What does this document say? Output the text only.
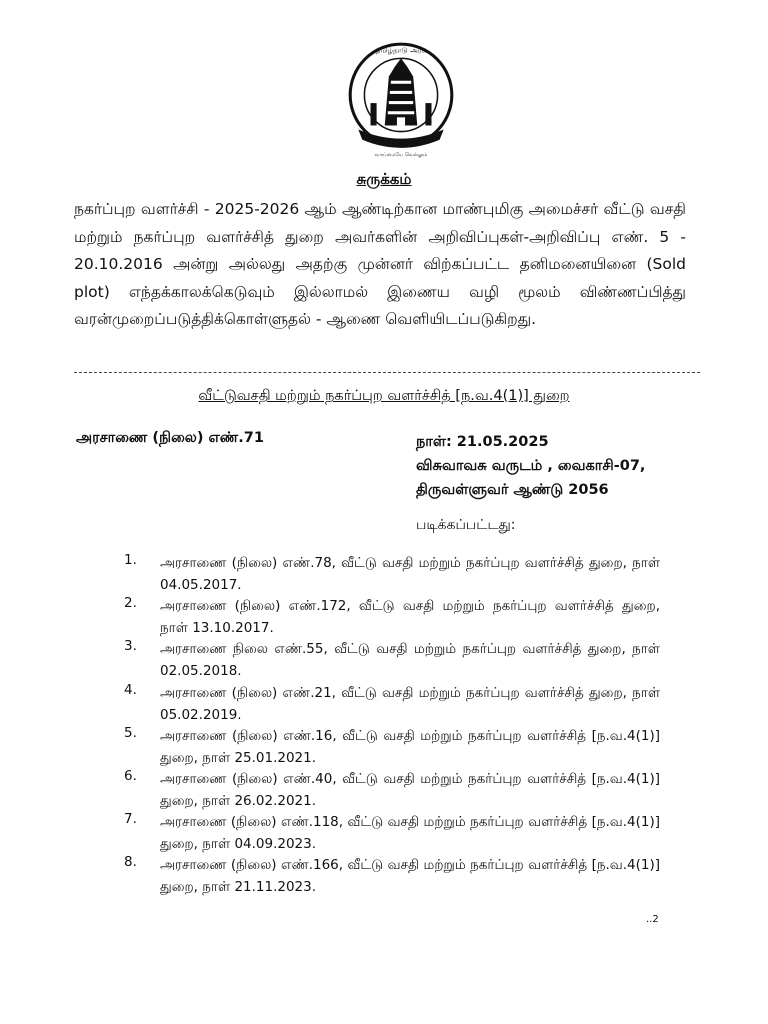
தமிழ்நாடு அரசு
வாய்மையே வெல்லும்
சுருக்கம்
நகர்ப்புற வளர்ச்சி - 2025-2026 ஆம் ஆண்டிற்கான மாண்புமிகு அமைச்சர் வீட்டு வசதி மற்றும் நகர்ப்புற வளர்ச்சித் துறை அவர்களின் அறிவிப்புகள்-அறிவிப்பு எண். 5 - 20.10.2016 அன்று அல்லது அதற்கு முன்னர் விற்கப்பட்ட தனிமனையினை (Sold plot) எந்தக்காலக்கெடுவும் இல்லாமல் இணைய வழி மூலம் விண்ணப்பித்து வரன்முறைப்படுத்திக்கொள்ளுதல் - ஆணை வெளியிடப்படுகிறது.
வீட்டுவசதி மற்றும் நகர்ப்புற வளர்ச்சித் [ந.வ.4(1)] துறை
அரசாணை (நிலை) எண்.71	நாள்: 21.05.2025
விசுவாவசு வருடம் , வைகாசி-07,
திருவள்ளுவர் ஆண்டு 2056
படிக்கப்பட்டது:
1.	அரசாணை (நிலை) எண்.78, வீட்டு வசதி மற்றும் நகர்ப்புற வளர்ச்சித் துறை, நாள் 04.05.2017.
2.	அரசாணை (நிலை) எண்.172, வீட்டு வசதி மற்றும் நகர்ப்புற வளர்ச்சித் துறை, நாள் 13.10.2017.
3.	அரசாணை நிலை எண்.55, வீட்டு வசதி மற்றும் நகர்ப்புற வளர்ச்சித் துறை, நாள் 02.05.2018.
4.	அரசாணை (நிலை) எண்.21, வீட்டு வசதி மற்றும் நகர்ப்புற வளர்ச்சித் துறை, நாள் 05.02.2019.
5.	அரசாணை (நிலை) எண்.16, வீட்டு வசதி மற்றும் நகர்ப்புற வளர்ச்சித் [ந.வ.4(1)] துறை, நாள் 25.01.2021.
6.	அரசாணை (நிலை) எண்.40, வீட்டு வசதி மற்றும் நகர்ப்புற வளர்ச்சித் [ந.வ.4(1)] துறை, நாள் 26.02.2021.
7.	அரசாணை (நிலை) எண்.118, வீட்டு வசதி மற்றும் நகர்ப்புற வளர்ச்சித் [ந.வ.4(1)] துறை, நாள் 04.09.2023.
8.	அரசாணை (நிலை) எண்.166, வீட்டு வசதி மற்றும் நகர்ப்புற வளர்ச்சித் [ந.வ.4(1)] துறை, நாள் 21.11.2023.
..2
